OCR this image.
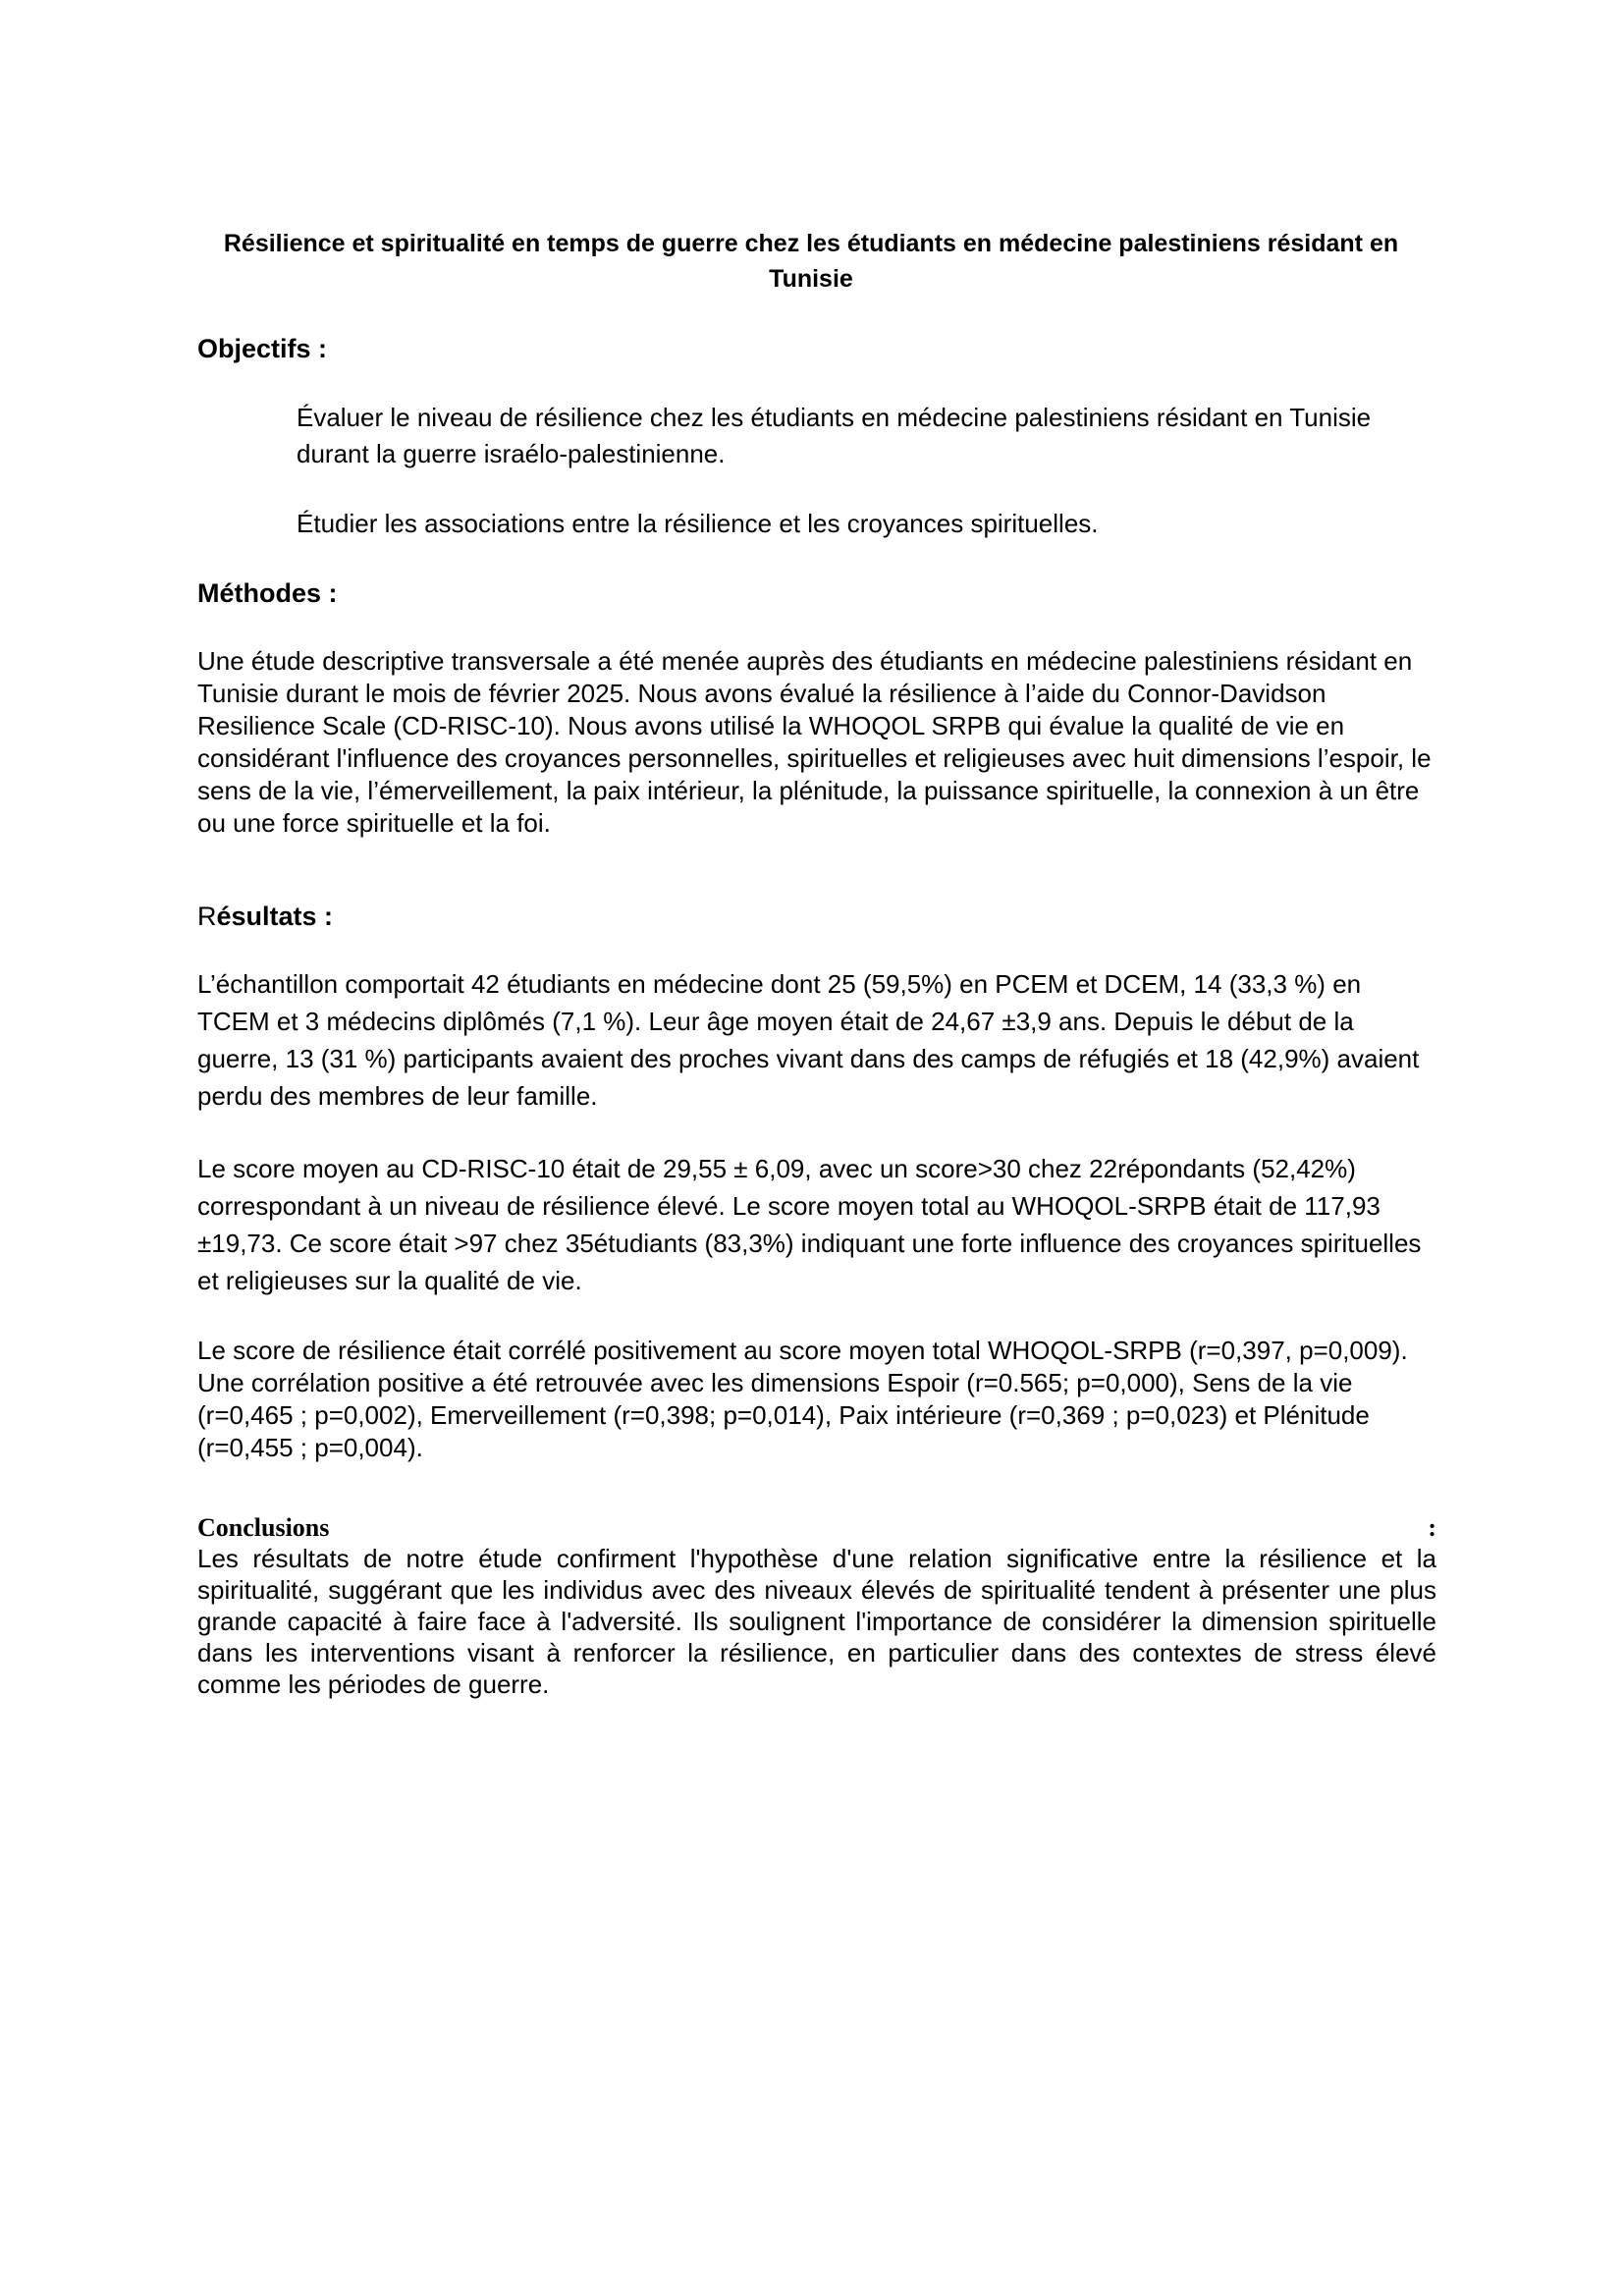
Résilience et spiritualité en temps de guerre chez les étudiants en médecine palestiniens résidant en Tunisie
Objectifs :
Évaluer le niveau de résilience chez les étudiants en médecine palestiniens résidant en Tunisie durant la guerre israélo-palestinienne.
Étudier les associations entre la résilience et les croyances spirituelles.
Méthodes :
Une étude descriptive transversale a été menée auprès des étudiants en médecine palestiniens résidant en Tunisie durant le mois de février 2025. Nous avons évalué la résilience à l’aide du Connor-Davidson Resilience Scale (CD-RISC-10). Nous avons utilisé la WHOQOL SRPB qui évalue la qualité de vie en considérant l'influence des croyances personnelles, spirituelles et religieuses avec huit dimensions l’espoir, le sens de la vie, l’émerveillement, la paix intérieur, la plénitude, la puissance spirituelle, la connexion à un être ou une force spirituelle et la foi.
Résultats :
L’échantillon comportait 42 étudiants en médecine dont 25 (59,5%) en PCEM et DCEM, 14 (33,3 %) en TCEM et 3 médecins diplômés (7,1 %). Leur âge moyen était de 24,67 ±3,9 ans. Depuis le début de la guerre, 13 (31 %) participants avaient des proches vivant dans des camps de réfugiés et 18 (42,9%) avaient perdu des membres de leur famille.
Le score moyen au CD-RISC-10 était de 29,55 ± 6,09, avec un score>30 chez 22répondants (52,42%) correspondant à un niveau de résilience élevé. Le score moyen total au WHOQOL-SRPB était de 117,93 ±19,73. Ce score était >97 chez 35étudiants (83,3%) indiquant une forte influence des croyances spirituelles et religieuses sur la qualité de vie.
Le score de résilience était corrélé positivement au score moyen total WHOQOL-SRPB (r=0,397, p=0,009). Une corrélation positive a été retrouvée avec les dimensions Espoir (r=0.565; p=0,000), Sens de la vie (r=0,465 ; p=0,002), Emerveillement (r=0,398; p=0,014), Paix intérieure (r=0,369 ; p=0,023) et Plénitude (r=0,455 ; p=0,004).
Conclusions	:
Les résultats de notre étude confirment l'hypothèse d'une relation significative entre la résilience et la spiritualité, suggérant que les individus avec des niveaux élevés de spiritualité tendent à présenter une plus grande capacité à faire face à l'adversité. Ils soulignent l'importance de considérer la dimension spirituelle dans les interventions visant à renforcer la résilience, en particulier dans des contextes de stress élevé comme les périodes de guerre.
